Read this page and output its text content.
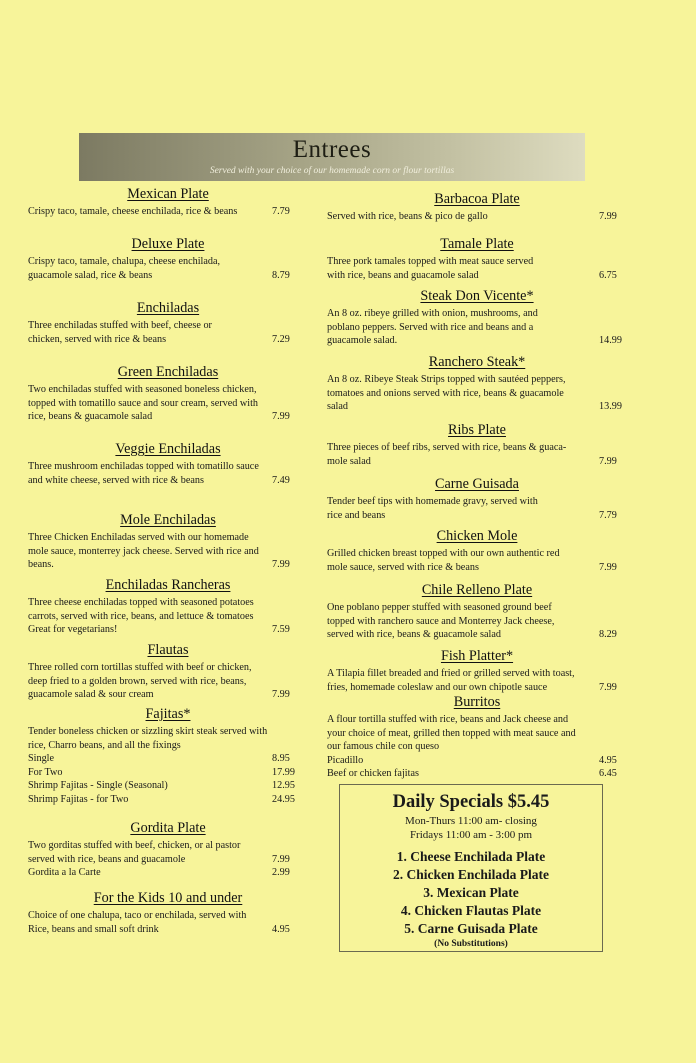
Entrees
Served with your choice of our homemade corn or flour tortillas
Mexican Plate
Crispy taco, tamale, cheese enchilada, rice & beans	7.79
Deluxe Plate
Crispy taco, tamale, chalupa, cheese enchilada,
guacamole salad, rice & beans	8.79
Enchiladas
Three enchiladas stuffed with beef, cheese or
chicken, served with rice & beans	7.29
Green Enchiladas
Two enchiladas stuffed with seasoned boneless chicken,
topped with tomatillo sauce and sour cream, served with
rice, beans & guacamole salad	7.99
Veggie Enchiladas
Three mushroom enchiladas topped with tomatillo sauce
and white cheese, served with rice & beans	7.49
Mole Enchiladas
Three Chicken Enchiladas served with our homemade
mole sauce, monterrey jack cheese. Served with rice and
beans.	7.99
Enchiladas Rancheras
Three cheese enchiladas topped with seasoned potatoes
carrots, served with rice, beans, and lettuce & tomatoes
Great for vegetarians!	7.59
Flautas
Three rolled corn tortillas stuffed with beef or chicken,
deep fried to a golden brown, served with rice, beans,
guacamole salad & sour cream	7.99
Fajitas*
Tender boneless chicken or sizzling skirt steak served with
rice, Charro beans, and all the fixings
Single	8.95
For Two	17.99
Shrimp Fajitas - Single (Seasonal)	12.95
Shrimp Fajitas - for Two	24.95
Gordita Plate
Two gorditas stuffed with beef, chicken, or al pastor
served with rice, beans and guacamole	7.99
Gordita a la Carte	2.99
For the Kids 10 and under
Choice of one chalupa, taco or enchilada, served with
Rice, beans and small soft drink	4.95
Barbacoa Plate
Served with rice, beans & pico de gallo	7.99
Tamale Plate
Three pork tamales topped with meat sauce served
with rice, beans and guacamole salad	6.75
Steak Don Vicente*
An 8 oz. ribeye grilled with onion, mushrooms, and
poblano peppers. Served with rice and beans and a
guacamole salad.	14.99
Ranchero Steak*
An 8 oz. Ribeye Steak Strips topped with sautéed peppers,
tomatoes and onions served with rice, beans & guacamole
salad	13.99
Ribs Plate
Three pieces of beef ribs, served with rice, beans & guaca-
mole salad	7.99
Carne Guisada
Tender beef tips with homemade gravy, served with
rice and beans	7.79
Chicken Mole
Grilled chicken breast topped with our own authentic red
mole sauce, served with rice & beans	7.99
Chile Relleno Plate
One poblano pepper stuffed with seasoned ground beef
topped with ranchero sauce and Monterrey Jack cheese,
served with rice, beans & guacamole salad	8.29
Fish Platter*
A Tilapia fillet breaded and fried or grilled served with toast,
fries, homemade coleslaw and our own chipotle sauce	7.99
Burritos
A flour tortilla stuffed with rice, beans and Jack cheese and
your choice of meat, grilled then topped with meat sauce and
our famous chile con queso
Picadillo	4.95
Beef or chicken fajitas	6.45
Daily Specials $5.45
Mon-Thurs 11:00 am- closing
Fridays 11:00 am - 3:00 pm
1. Cheese Enchilada Plate
2. Chicken Enchilada Plate
3. Mexican Plate
4. Chicken Flautas Plate
5. Carne Guisada Plate
(No Substitutions)
